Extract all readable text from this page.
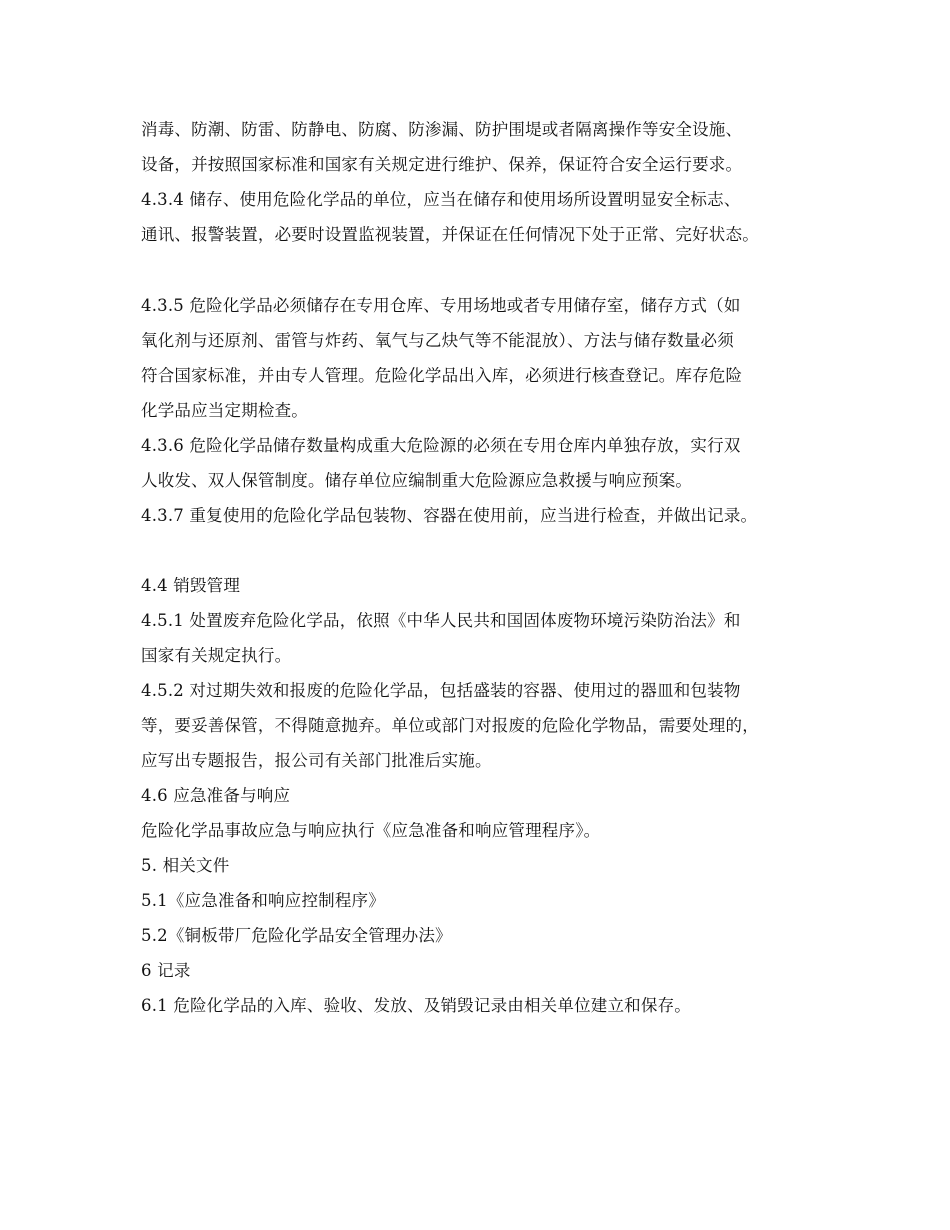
消毒、防潮、防雷、防静电、防腐、防渗漏、防护围堤或者隔离操作等安全设施、
设备，并按照国家标准和国家有关规定进行维护、保养，保证符合安全运行要求。
4.3.4 储存、使用危险化学品的单位，应当在储存和使用场所设置明显安全标志、
通讯、报警装置，必要时设置监视装置，并保证在任何情况下处于正常、完好状态。
4.3.5 危险化学品必须储存在专用仓库、专用场地或者专用储存室，储存方式（如
氧化剂与还原剂、雷管与炸药、氧气与乙炔气等不能混放）、方法与储存数量必须
符合国家标准，并由专人管理。危险化学品出入库，必须进行核查登记。库存危险
化学品应当定期检查。
4.3.6 危险化学品储存数量构成重大危险源的必须在专用仓库内单独存放，实行双
人收发、双人保管制度。储存单位应编制重大危险源应急救援与响应预案。
4.3.7 重复使用的危险化学品包装物、容器在使用前，应当进行检查，并做出记录。
4.4 销毁管理
4.5.1 处置废弃危险化学品，依照《中华人民共和国固体废物环境污染防治法》和
国家有关规定执行。
4.5.2 对过期失效和报废的危险化学品，包括盛装的容器、使用过的器皿和包装物
等，要妥善保管，不得随意抛弃。单位或部门对报废的危险化学物品，需要处理的，
应写出专题报告，报公司有关部门批准后实施。
4.6 应急准备与响应
危险化学品事故应急与响应执行《应急准备和响应管理程序》。
5. 相关文件
5.1《应急准备和响应控制程序》
5.2《铜板带厂危险化学品安全管理办法》
6 记录
6.1 危险化学品的入库、验收、发放、及销毁记录由相关单位建立和保存。
